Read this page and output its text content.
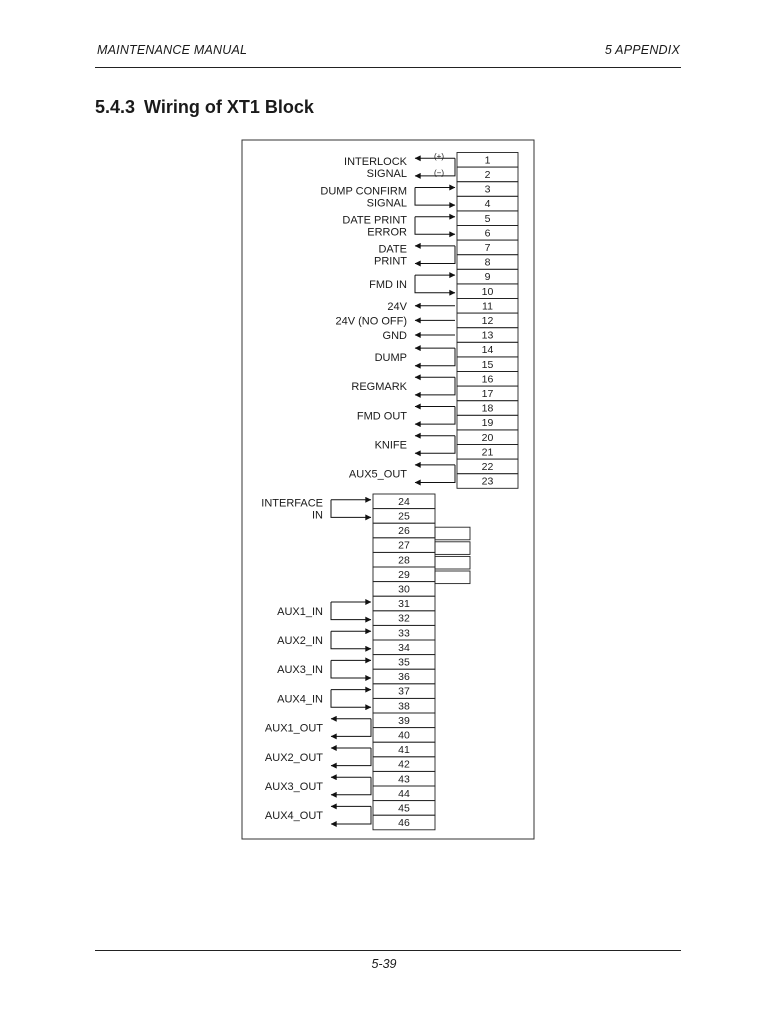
MAINTENANCE MANUAL	5 APPENDIX
5.4.3 Wiring of XT1 Block
1
2
3
4
5
6
7
8
9
10
11
12
13
14
15
16
17
18
19
20
21
22
23
24
25
26
27
28
29
30
31
32
33
34
35
36
37
38
39
40
41
42
43
44
45
46
(+)
(−)
INTERLOCK
SIGNAL
DUMP CONFIRM
SIGNAL
DATE PRINT
ERROR
DATE
PRINT
FMD IN
24V
24V (NO OFF)
GND
DUMP
REGMARK
FMD OUT
KNIFE
AUX5_OUT
INTERFACE
IN
AUX1_IN
AUX2_IN
AUX3_IN
AUX4_IN
AUX1_OUT
AUX2_OUT
AUX3_OUT
AUX4_OUT
5-39
